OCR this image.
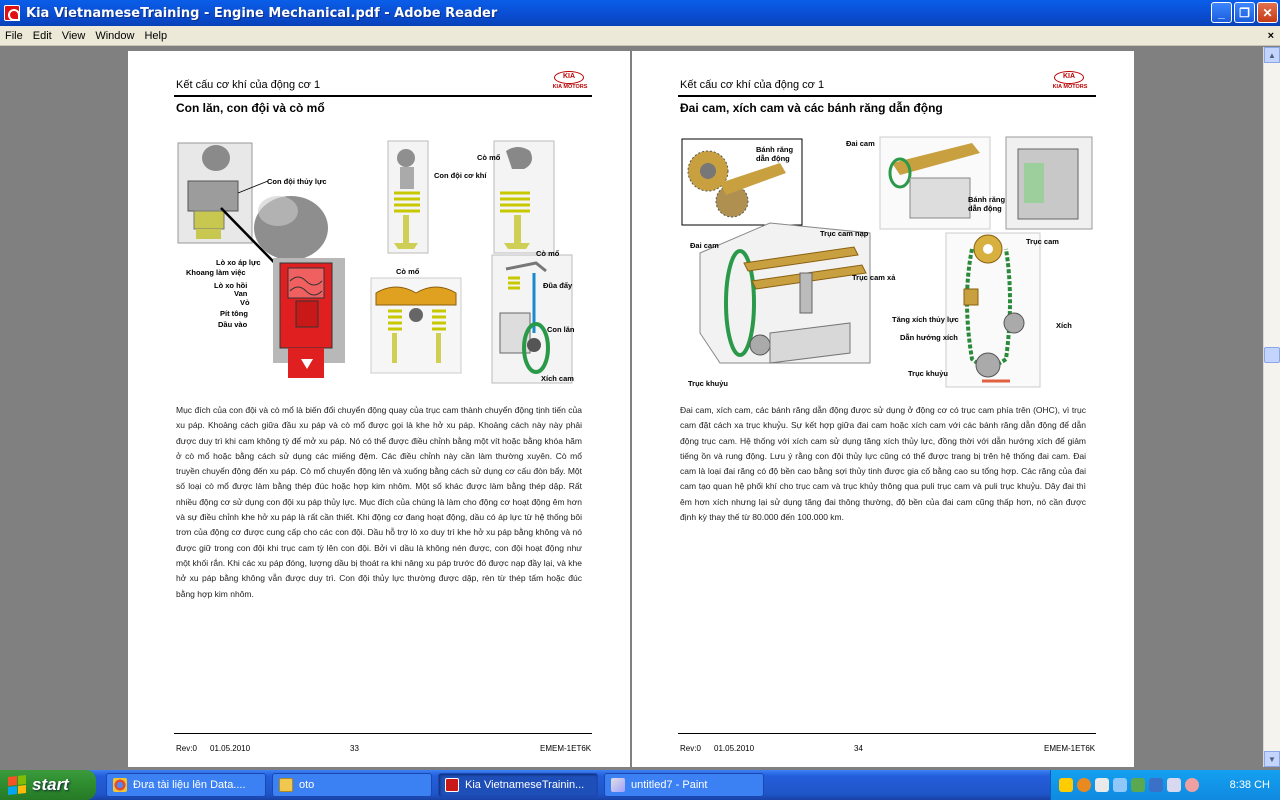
Kia VietnameseTraining - Engine Mechanical.pdf - Adobe Reader	_	❐	✕
File Edit View Window Help	×
Kết cấu cơ khí của động cơ 1
KIA
KIA MOTORS
Con lăn, con đội và cò mổ
Con đội thủy lực
Con đội cơ khí
Cò mổ
Cò mổ
Cò mổ
Lò xo áp lực
Khoang làm việc
Lò xo hồi
Van
Vỏ
Pít tông
Dầu vào
Đũa đẩy
Con lăn
Xích cam
Mục đích của con đội và cò mổ là biến đổi chuyển động quay của trục cam thành chuyển động tịnh tiến của xu páp. Khoảng cách giữa đầu xu páp và cò mổ được gọi là khe hở xu páp. Khoảng cách này này phải được duy trì khi cam không tỳ để mở xu páp. Nó có thể được điều chỉnh bằng một vít hoặc bằng khóa hãm ở cò mổ hoặc bằng cách sử dụng các miếng đệm. Các điều chỉnh này cần làm thường xuyên. Cò mổ truyền chuyển động đến xu páp. Cò mổ chuyển động lên và xuống bằng cách sử dụng cơ cấu đòn bẩy. Một số loại cò mổ được làm bằng thép đúc hoặc hợp kim nhôm. Một số khác được làm bằng thép dập. Rất nhiều động cơ sử dụng con đội xu páp thủy lực. Mục đích của chúng là làm cho động cơ hoạt động êm hơn và sự điều chỉnh khe hở xu páp là rất cần thiết. Khi động cơ đang hoạt động, dầu có áp lực từ hệ thống bôi trơn của động cơ được cung cấp cho các con đội. Dầu hỗ trợ lò xo duy trì khe hở xu páp bằng không và nó được giữ trong con đội khi trục cam tỳ lên con đội. Bởi vì dầu là không nén được, con đội hoạt động như một khối rắn. Khi các xu páp đóng, lượng dầu bị thoát ra khi nâng xu páp trước đó được nạp đầy lại, và khe hở xu páp bằng không vẫn được duy trì. Con đội thủy lực thường được dập, rèn từ thép tấm hoặc đúc bằng hợp kim nhôm.
Rev:0 01.05.2010	33	EMEM-1ET6K
Kết cấu cơ khí của động cơ 1
KIA
KIA MOTORS
Đai cam, xích cam và các bánh răng dẫn động
Bánh răng dẫn động
Đai cam
Bánh răng dẫn động
Trục cam nạp
Đai cam
Trục cam xả
Trục khuỷu
Trục cam
Tăng xích thủy lực
Xích
Dẫn hướng xích
Trục khuỷu
Đai cam, xích cam, các bánh răng dẫn động được sử dụng ở động cơ có trục cam phía trên (OHC), vì trục cam đặt cách xa trục khuỷu. Sự kết hợp giữa đai cam hoặc xích cam với các bánh răng dẫn động để dẫn động trục cam. Hệ thống với xích cam sử dụng tăng xích thủy lực, đồng thời với dẫn hướng xích để giảm tiếng ồn và rung động. Lưu ý rằng con đội thủy lực cũng có thể được trang bị trên hệ thống đai cam. Đai cam là loại đai răng có độ bền cao bằng sợi thủy tinh được gia cố bằng cao su tổng hợp. Các răng của đai cam tạo quan hệ phối khí cho trục cam và trục khủy thông qua puli trục cam và puli trục khuỷu. Dây đai thì êm hơn xích nhưng lại sử dụng tăng đai thông thường, độ bền của đai cam cũng thấp hơn, nó cần được định kỳ thay thế từ 80.000 đến 100.000 km.
Rev:0 01.05.2010	34	EMEM-1ET6K
▲
▼
start	Đưa tài liệu lên Data....	oto	Kia VietnameseTrainin...	untitled7 - Paint	8:38 CH
